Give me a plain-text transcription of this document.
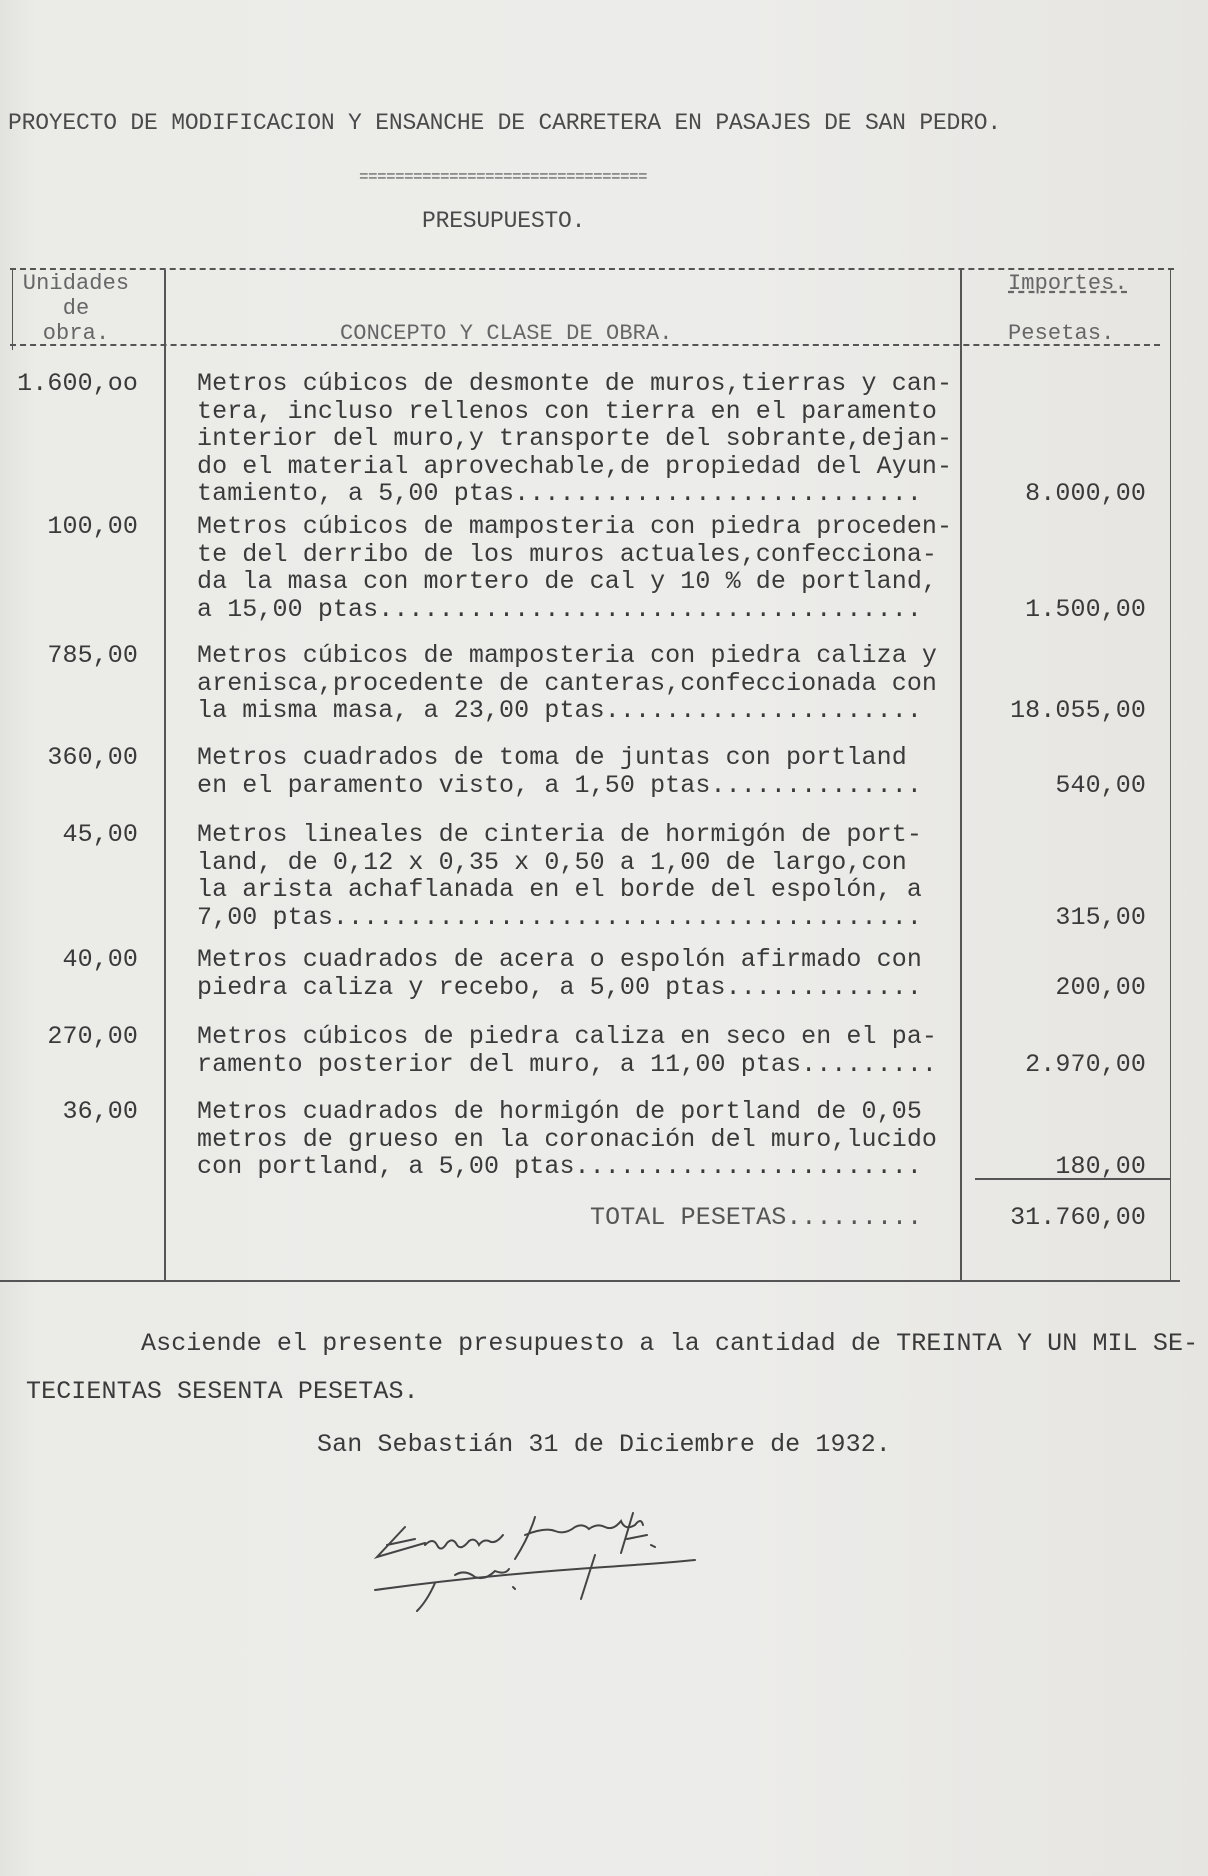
PROYECTO DE MODIFICACION Y ENSANCHE DE CARRETERA EN PASAJES DE SAN PEDRO.
================================
PRESUPUESTO.
Unidades
de
obra.	CONCEPTO Y CLASE DE OBRA.
Importes.
Pesetas.
1.600,oo Metros cúbicos de desmonte de muros,tierras y can-
tera, incluso rellenos con tierra en el paramento
interior del muro,y transporte del sobrante,dejan-
do el material aprovechable,de propiedad del Ayun-
tamiento, a 5,00 ptas...........................	8.000,00
100,00 Metros cúbicos de mamposteria con piedra proceden-
te del derribo de los muros actuales,confecciona-
da la masa con mortero de cal y 10 % de portland,
a 15,00 ptas....................................	1.500,00
785,00 Metros cúbicos de mamposteria con piedra caliza y
arenisca,procedente de canteras,confeccionada con
la misma masa, a 23,00 ptas.....................	18.055,00
360,00 Metros cuadrados de toma de juntas con portland
en el paramento visto, a 1,50 ptas..............	540,00
45,00 Metros lineales de cinteria de hormigón de port-
land, de 0,12 x 0,35 x 0,50 a 1,00 de largo,con
la arista achaflanada en el borde del espolón, a
7,00 ptas.......................................	315,00
40,00 Metros cuadrados de acera o espolón afirmado con
piedra caliza y recebo, a 5,00 ptas.............	200,00
270,00 Metros cúbicos de piedra caliza en seco en el pa-
ramento posterior del muro, a 11,00 ptas.........	2.970,00
36,00 Metros cuadrados de hormigón de portland de 0,05
metros de grueso en la coronación del muro,lucido
con portland, a 5,00 ptas.......................	180,00
TOTAL PESETAS.........	31.760,00
Asciende el presente presupuesto a la cantidad de TREINTA Y UN MIL SE-
TECIENTAS SESENTA PESETAS.
San Sebastián 31 de Diciembre de 1932.
